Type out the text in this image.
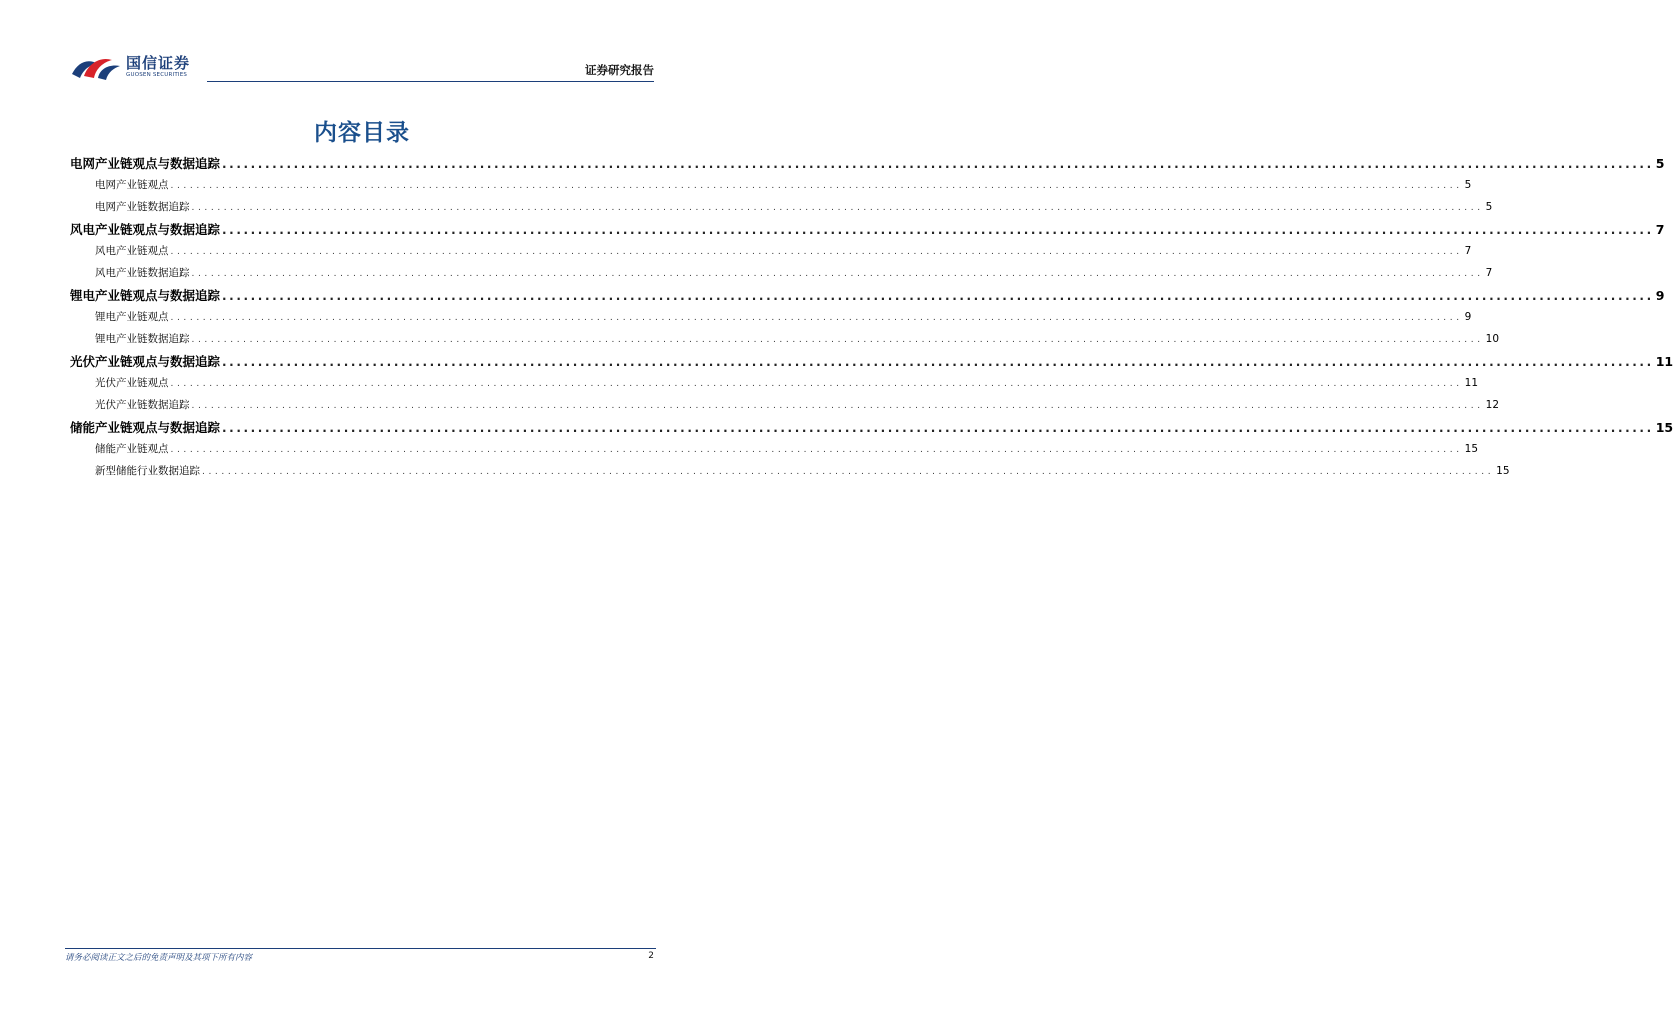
国信证券
GUOSEN SECURITIES	证券研究报告
内容目录
电网产业链观点与数据追踪 ........................................................................................................................................................................................................ 5
电网产业链观点 ........................................................................................................................................................................................................ 5
电网产业链数据追踪 ........................................................................................................................................................................................................ 5
风电产业链观点与数据追踪 ........................................................................................................................................................................................................ 7
风电产业链观点 ........................................................................................................................................................................................................ 7
风电产业链数据追踪 ........................................................................................................................................................................................................ 7
锂电产业链观点与数据追踪 ........................................................................................................................................................................................................ 9
锂电产业链观点 ........................................................................................................................................................................................................ 9
锂电产业链数据追踪 ........................................................................................................................................................................................................ 10
光伏产业链观点与数据追踪 ........................................................................................................................................................................................................ 11
光伏产业链观点 ........................................................................................................................................................................................................ 11
光伏产业链数据追踪 ........................................................................................................................................................................................................ 12
储能产业链观点与数据追踪 ........................................................................................................................................................................................................ 15
储能产业链观点 ........................................................................................................................................................................................................ 15
新型储能行业数据追踪 ........................................................................................................................................................................................................ 15
请务必阅读正文之后的免责声明及其项下所有内容	2
